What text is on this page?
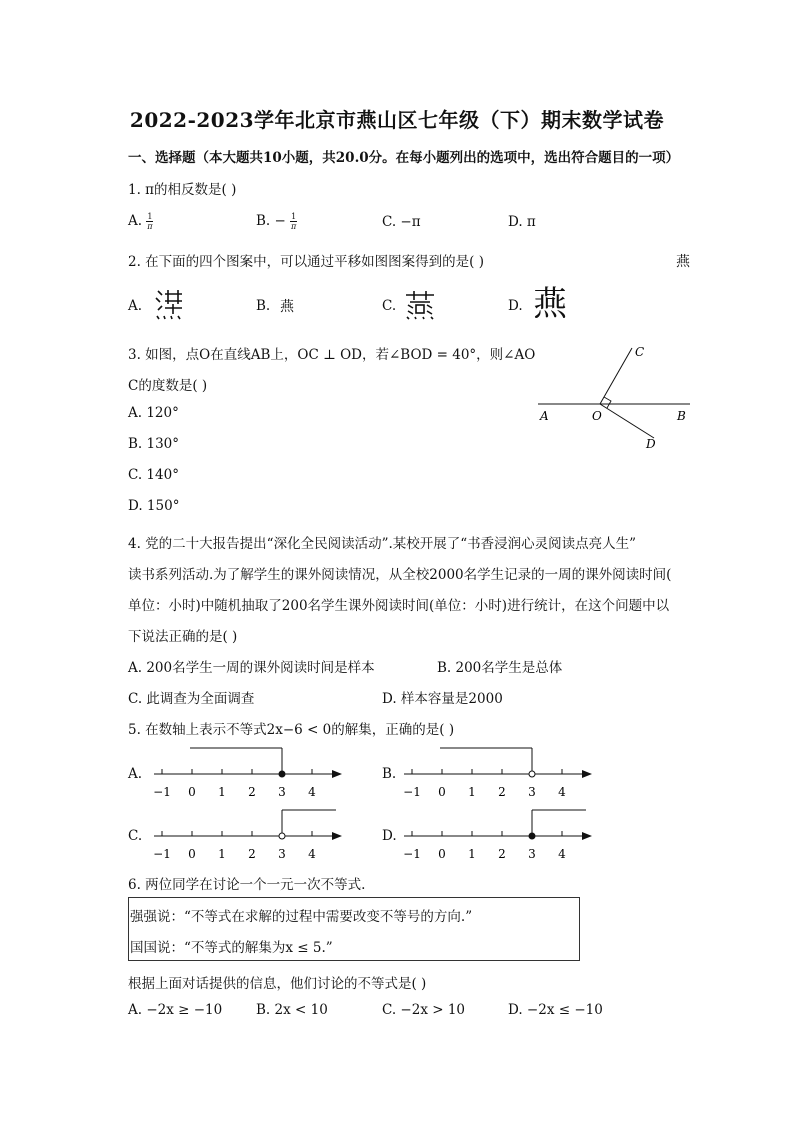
2022-2023学年北京市燕山区七年级（下）期末数学试卷
一、选择题（本大题共10小题，共20.0分。在每小题列出的选项中，选出符合题目的一项）
1. π的相反数是( )
A. $\frac{1}{\pi}$	B. − $\frac{1}{\pi}$	C. −π	D. π
2. 在下面的四个图案中，可以通过平移如图图案得到的是( )	燕
A.	B. 燕	C.	D. 燕
3. 如图，点O在直线AB上，OC ⊥ OD，若∠BOD = 40°，则∠AO
C的度数是( )
A. 120°
B. 130°
C. 140°
D. 150°
A	O	B
C
D
4. 党的二十大报告提出“深化全民阅读活动”.某校开展了“书香浸润心灵阅读点亮人生”
读书系列活动.为了解学生的课外阅读情况，从全校2000名学生记录的一周的课外阅读时间(
单位：小时)中随机抽取了200名学生课外阅读时间(单位：小时)进行统计，在这个问题中以
下说法正确的是( )
A. 200名学生一周的课外阅读时间是样本	B. 200名学生是总体
C. 此调查为全面调查	D. 样本容量是2000
5. 在数轴上表示不等式2x−6 < 0的解集，正确的是( )
A.
−1 0 1 2 3 4
B.
−1 0 1 2 3 4
C.
−1 0 1 2 3 4
D.
−1 0 1 2 3 4
6. 两位同学在讨论一个一元一次不等式.
强强说：“不等式在求解的过程中需要改变不等号的方向.”
国国说：“不等式的解集为x ≤ 5.”
根据上面对话提供的信息，他们讨论的不等式是( )
A. −2x ≥ −10	B. 2x < 10	C. −2x > 10	D. −2x ≤ −10
